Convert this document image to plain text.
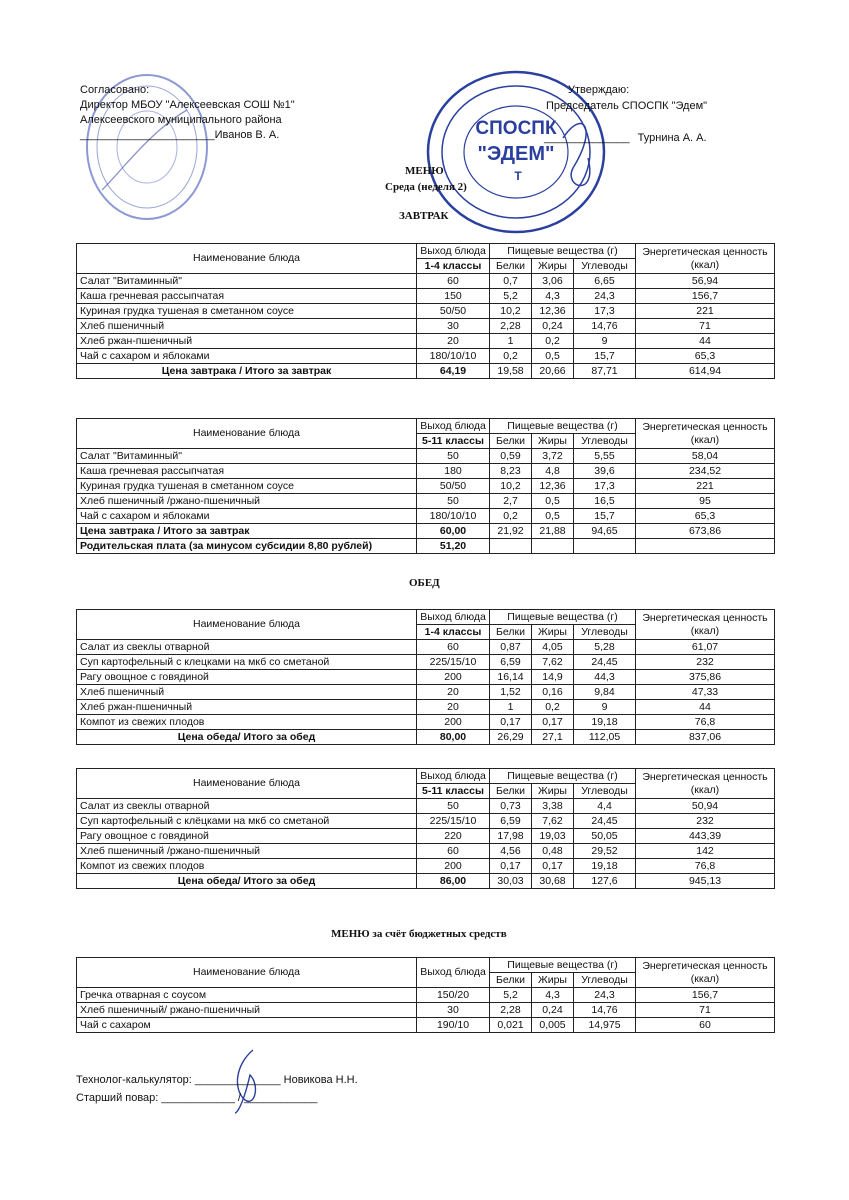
СПОСПК
"ЭДЕМ"
Т
Согласовано:
Директор МБОУ "Алексеевская СОШ №1"
Алексеевского муниципального района
______________________Иванов В. А.
Утверждаю:
Председатель СПОСПК "Эдем"
______________ Турнина А. А.
МЕНЮ
Среда (неделя 2)
ЗАВТРАК
Наименование блюда	Выход блюда	Пищевые вещества (г)			Энергетическая ценность (ккал)
	1-4 классы	Белки	Жиры	Углеводы	
Салат "Витаминный"	60	0,7	3,06	6,65	56,94
Каша гречневая рассыпчатая	150	5,2	4,3	24,3	156,7
Куриная грудка тушеная в сметанном соусе	50/50	10,2	12,36	17,3	221
Хлеб пшеничный	30	2,28	0,24	14,76	71
Хлеб ржан-пшеничный	20	1	0,2	9	44
Чай с сахаром и яблоками	180/10/10	0,2	0,5	15,7	65,3
Цена завтрака / Итого за завтрак	64,19	19,58	20,66	87,71	614,94
Наименование блюда	Выход блюда	Пищевые вещества (г)			Энергетическая ценность (ккал)
	5-11 классы	Белки	Жиры	Углеводы	
Салат "Витаминный"	50	0,59	3,72	5,55	58,04
Каша гречневая рассыпчатая	180	8,23	4,8	39,6	234,52
Куриная грудка тушеная в сметанном соусе	50/50	10,2	12,36	17,3	221
Хлеб пшеничный /ржано-пшеничный	50	2,7	0,5	16,5	95
Чай с сахаром и яблоками	180/10/10	0,2	0,5	15,7	65,3
Цена завтрака / Итого за завтрак	60,00	21,92	21,88	94,65	673,86
Родительская плата (за минусом субсидии 8,80 рублей)	51,20				
ОБЕД
Наименование блюда	Выход блюда	Пищевые вещества (г)			Энергетическая ценность (ккал)
	1-4 классы	Белки	Жиры	Углеводы	
Салат из свеклы отварной	60	0,87	4,05	5,28	61,07
Суп картофельный с клецками на мкб со сметаной	225/15/10	6,59	7,62	24,45	232
Рагу овощное с говядиной	200	16,14	14,9	44,3	375,86
Хлеб пшеничный	20	1,52	0,16	9,84	47,33
Хлеб ржан-пшеничный	20	1	0,2	9	44
Компот из свежих плодов	200	0,17	0,17	19,18	76,8
Цена обеда/ Итого за обед	80,00	26,29	27,1	112,05	837,06
Наименование блюда	Выход блюда	Пищевые вещества (г)			Энергетическая ценность (ккал)
	5-11 классы	Белки	Жиры	Углеводы	
Салат из свеклы отварной	50	0,73	3,38	4,4	50,94
Суп картофельный с клёцками на мкб со сметаной	225/15/10	6,59	7,62	24,45	232
Рагу овощное с говядиной	220	17,98	19,03	50,05	443,39
Хлеб пшеничный /ржано-пшеничный	60	4,56	0,48	29,52	142
Компот из свежих плодов	200	0,17	0,17	19,18	76,8
Цена обеда/ Итого за обед	86,00	30,03	30,68	127,6	945,13
МЕНЮ за счёт бюджетных средств
Наименование блюда	Выход блюда	Пищевые вещества (г)			Энергетическая ценность (ккал)
		Белки	Жиры	Углеводы	
Гречка отварная с соусом	150/20	5,2	4,3	24,3	156,7
Хлеб пшеничный/ ржано-пшеничный	30	2,28	0,24	14,76	71
Чай с сахаром	190/10	0,021	0,005	14,975	60
Технолог-калькулятор: ______________ Новикова Н.Н.
Старший повар: ____________ / ____________
